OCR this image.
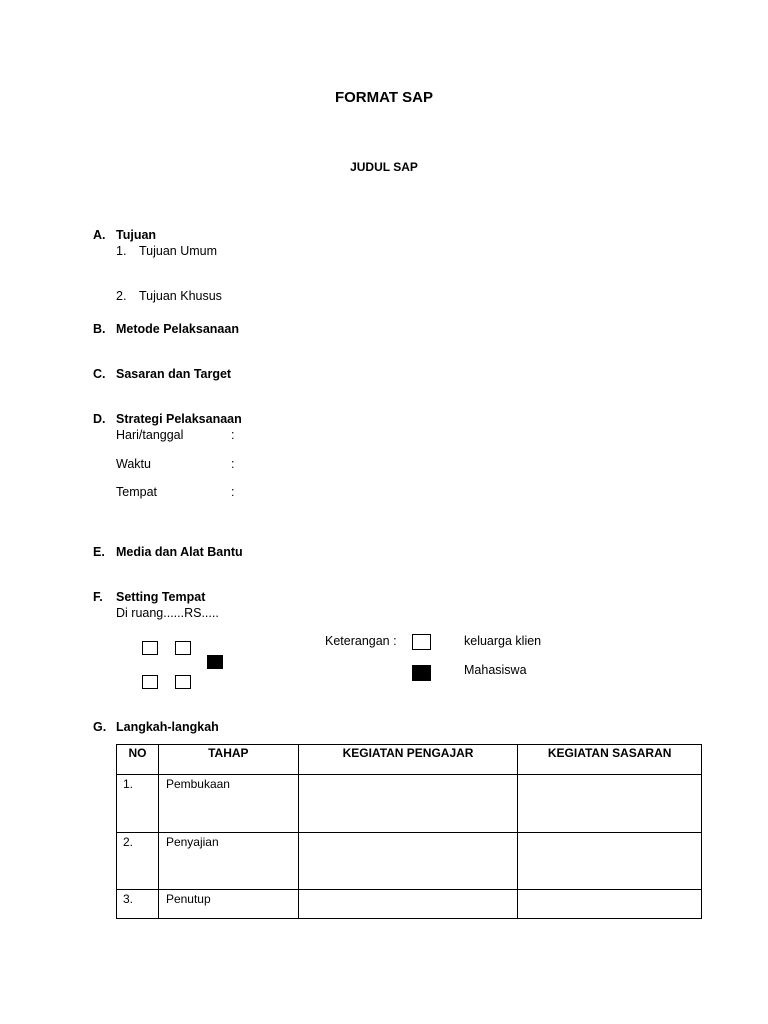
FORMAT SAP
JUDUL SAP
A. Tujuan
1. Tujuan Umum
2. Tujuan Khusus
B. Metode Pelaksanaan
C. Sasaran dan Target
D. Strategi Pelaksanaan
Hari/tanggal	:
Waktu	:
Tempat	:
E. Media dan Alat Bantu
F. Setting Tempat
Di ruang......RS.....
Keterangan :	keluarga klien
Mahasiswa
G. Langkah-langkah
NO	TAHAP	KEGIATAN PENGAJAR	KEGIATAN SASARAN
1.	Pembukaan		
2.	Penyajian		
3.	Penutup		
